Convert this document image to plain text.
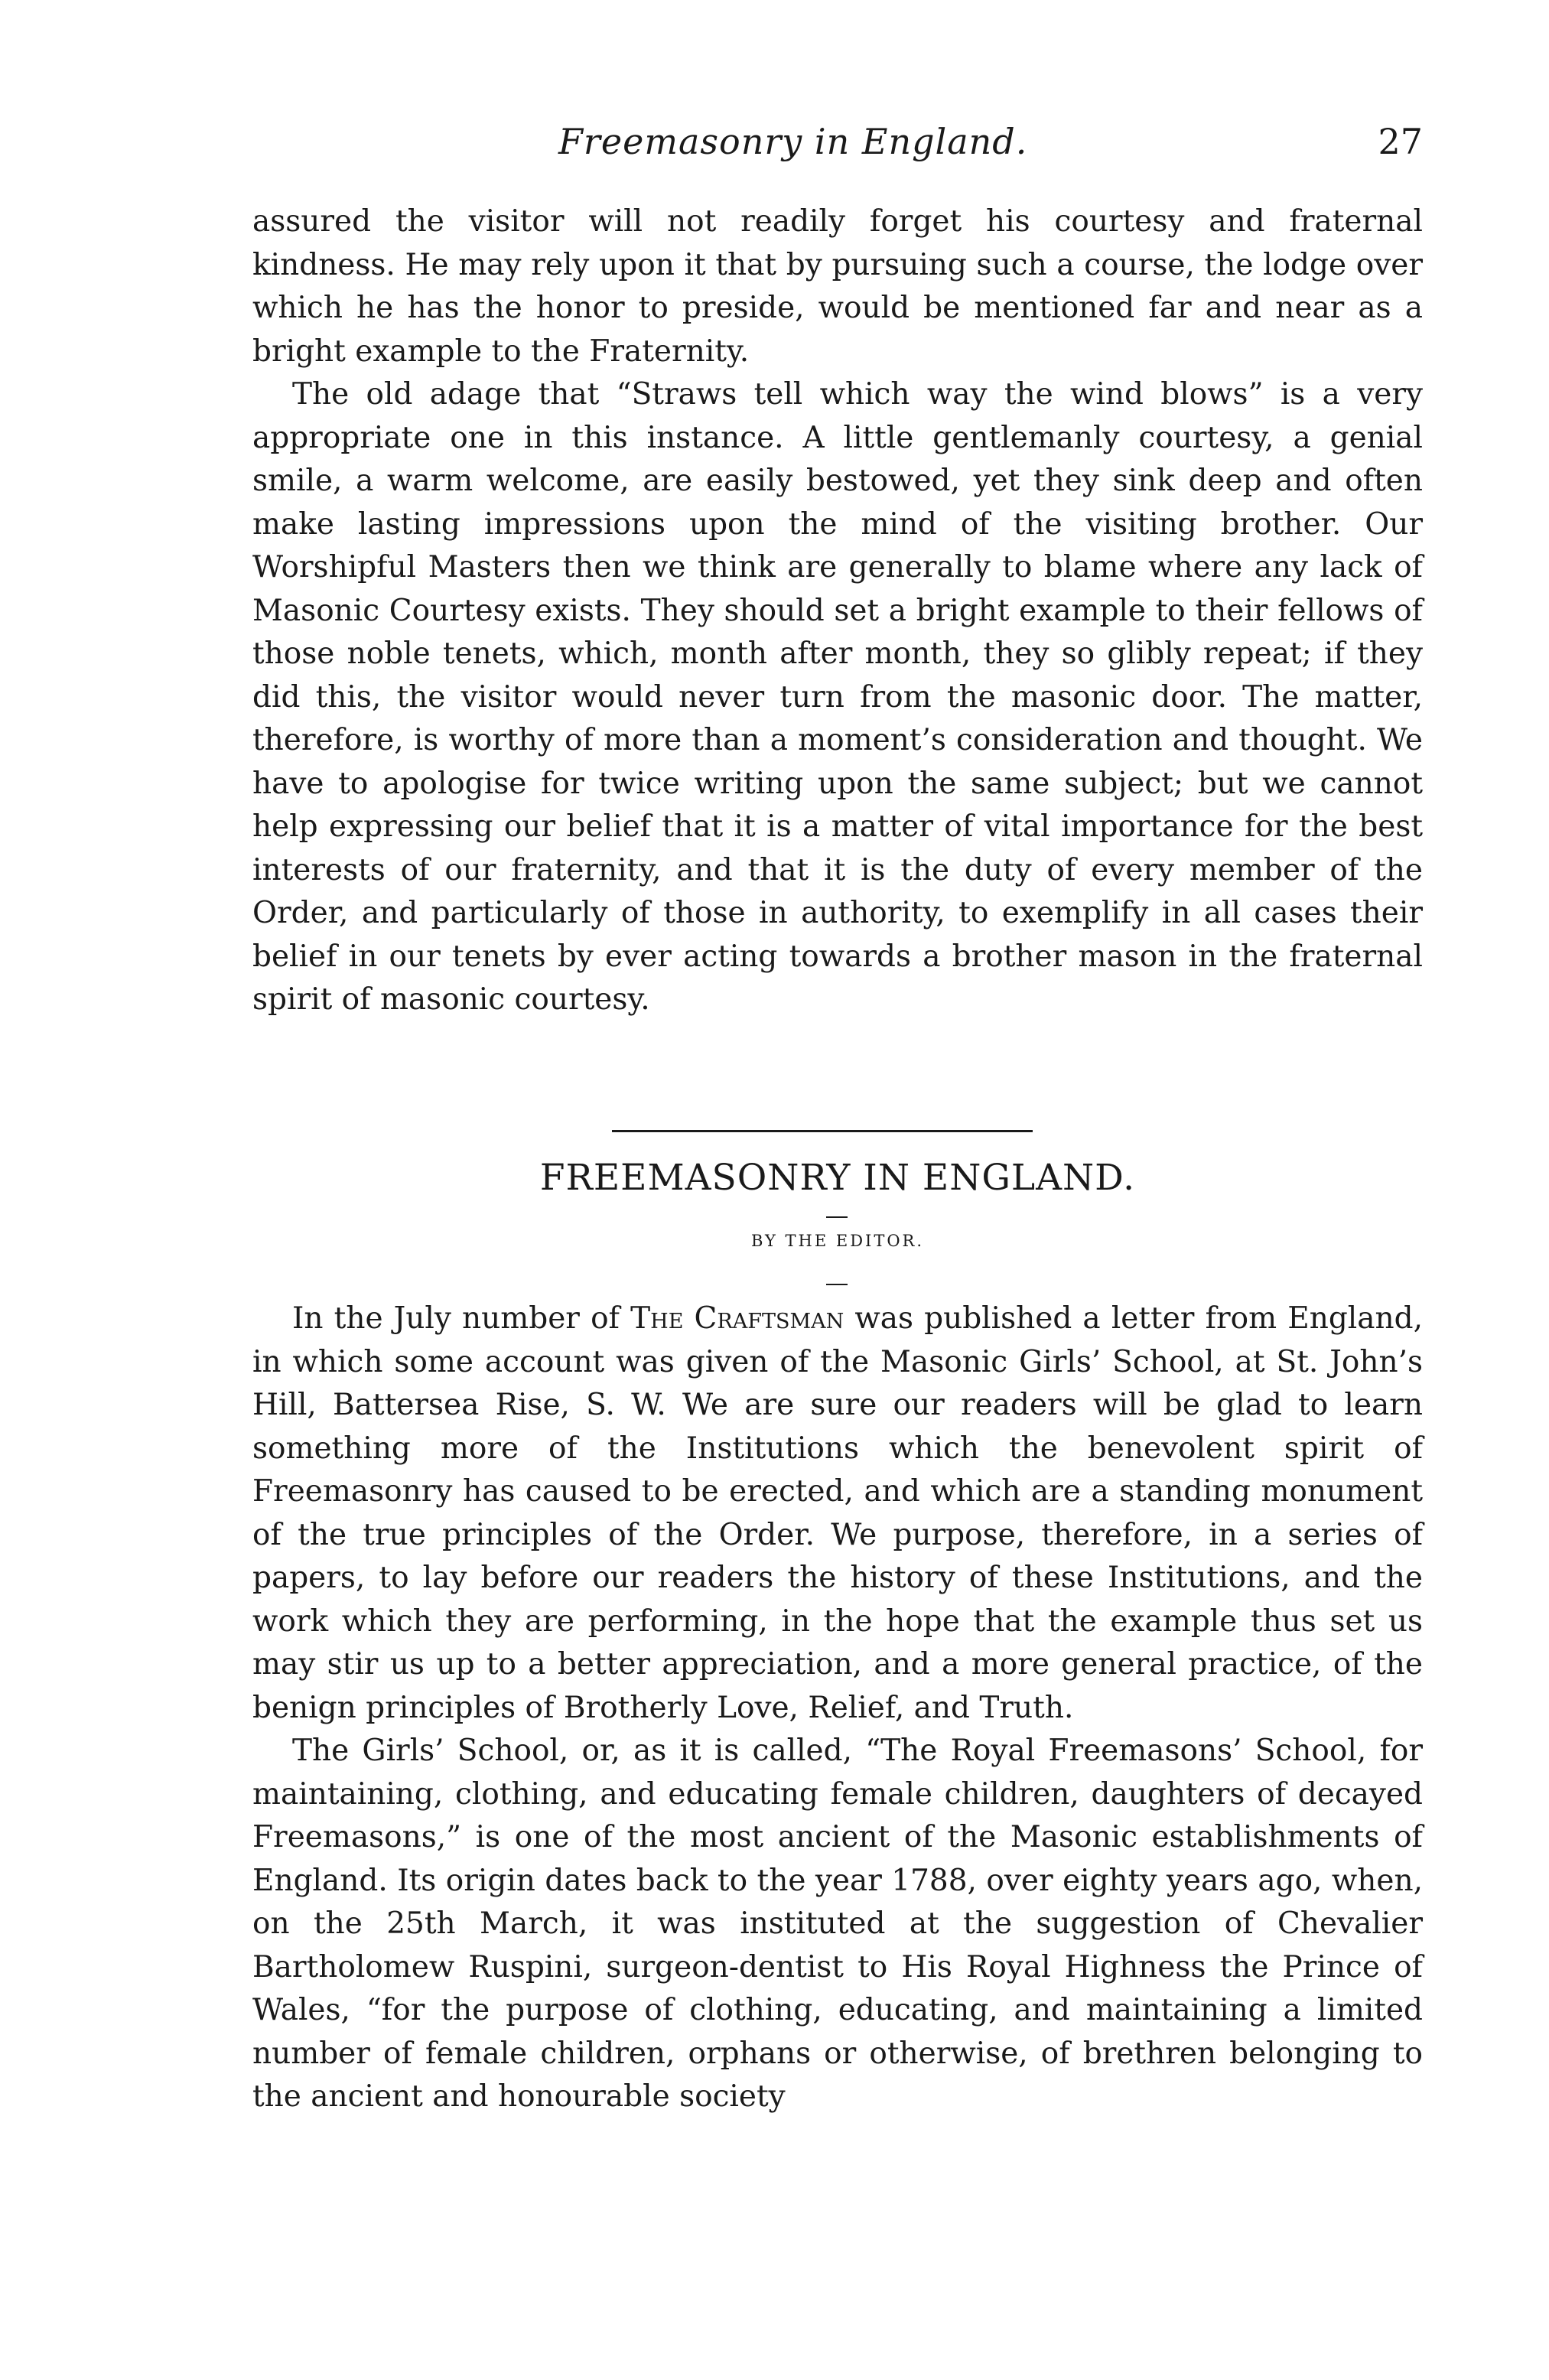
Freemasonry in England.	27

assured the visitor will not readily forget his courtesy and fraternal kindness. He may rely upon it that by pursuing such a course, the lodge over which he has the honor to preside, would be mentioned far and near as a bright example to the Fraternity.

The old adage that “Straws tell which way the wind blows” is a very appropriate one in this instance. A little gentlemanly courtesy, a genial smile, a warm welcome, are easily bestowed, yet they sink deep and often make lasting impressions upon the mind of the visiting brother. Our Worshipful Masters then we think are generally to blame where any lack of Masonic Courtesy exists. They should set a bright example to their fellows of those noble tenets, which, month after month, they so glibly repeat; if they did this, the visitor would never turn from the masonic door. The matter, therefore, is worthy of more than a moment’s consideration and thought. We have to apologise for twice writing upon the same subject; but we cannot help expressing our belief that it is a matter of vital importance for the best interests of our fraternity, and that it is the duty of every member of the Order, and particularly of those in authority, to exemplify in all cases their belief in our tenets by ever acting towards a brother mason in the fraternal spirit of masonic courtesy.

FREEMASONRY IN ENGLAND.
BY THE EDITOR.

In the July number of The Craftsman was published a letter from England, in which some account was given of the Masonic Girls’ School, at St. John’s Hill, Battersea Rise, S. W. We are sure our readers will be glad to learn something more of the Institutions which the benevolent spirit of Freemasonry has caused to be erected, and which are a standing monument of the true principles of the Order. We purpose, therefore, in a series of papers, to lay before our readers the history of these Institutions, and the work which they are performing, in the hope that the example thus set us may stir us up to a better appreciation, and a more general practice, of the benign principles of Brotherly Love, Relief, and Truth.

The Girls’ School, or, as it is called, “The Royal Freemasons’ School, for maintaining, clothing, and educating female children, daughters of decayed Freemasons,” is one of the most ancient of the Masonic establishments of England. Its origin dates back to the year 1788, over eighty years ago, when, on the 25th March, it was instituted at the suggestion of Chevalier Bartholomew Ruspini, surgeon-dentist to His Royal Highness the Prince of Wales, “for the purpose of clothing, educating, and maintaining a limited number of female children, orphans or otherwise, of brethren belonging to the ancient and honourable society
